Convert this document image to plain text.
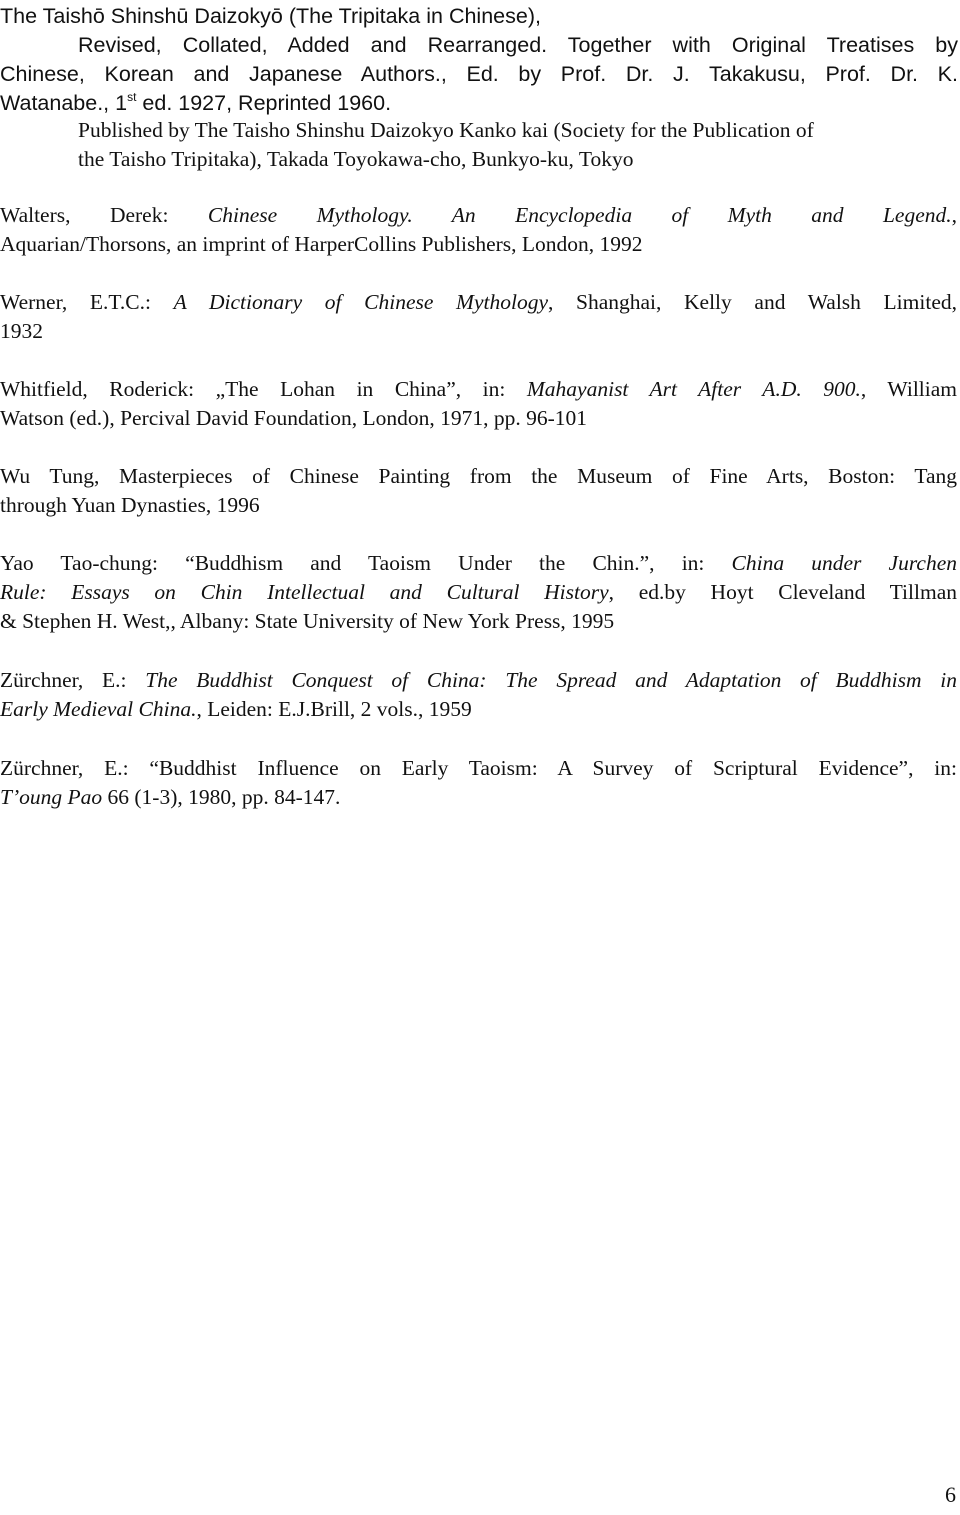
The Taishō Shinshū Daizokyō (The Tripitaka in Chinese),
Revised, Collated, Added and Rearranged. Together with Original Treatises by
Chinese, Korean and Japanese Authors., Ed. by Prof. Dr. J. Takakusu, Prof. Dr. K.
Watanabe., 1st ed. 1927, Reprinted 1960.
Published by The Taisho Shinshu Daizokyo Kanko kai (Society for the Publication of
the Taisho Tripitaka), Takada Toyokawa-cho, Bunkyo-ku, Tokyo
Walters, Derek: Chinese Mythology. An Encyclopedia of Myth and Legend.,
Aquarian/Thorsons, an imprint of HarperCollins Publishers, London, 1992
Werner, E.T.C.: A Dictionary of Chinese Mythology, Shanghai, Kelly and Walsh Limited,
1932
Whitfield, Roderick: „The Lohan in China”, in: Mahayanist Art After A.D. 900., William
Watson (ed.), Percival David Foundation, London, 1971, pp. 96-101
Wu Tung, Masterpieces of Chinese Painting from the Museum of Fine Arts, Boston: Tang
through Yuan Dynasties, 1996
Yao Tao-chung: “Buddhism and Taoism Under the Chin.”, in: China under Jurchen
Rule: Essays on Chin Intellectual and Cultural History, ed.by Hoyt Cleveland Tillman
& Stephen H. West,, Albany: State University of New York Press, 1995
Zürchner, E.: The Buddhist Conquest of China: The Spread and Adaptation of Buddhism in
Early Medieval China., Leiden: E.J.Brill, 2 vols., 1959
Zürchner, E.: “Buddhist Influence on Early Taoism: A Survey of Scriptural Evidence”, in:
T’oung Pao 66 (1-3), 1980, pp. 84-147.
6
